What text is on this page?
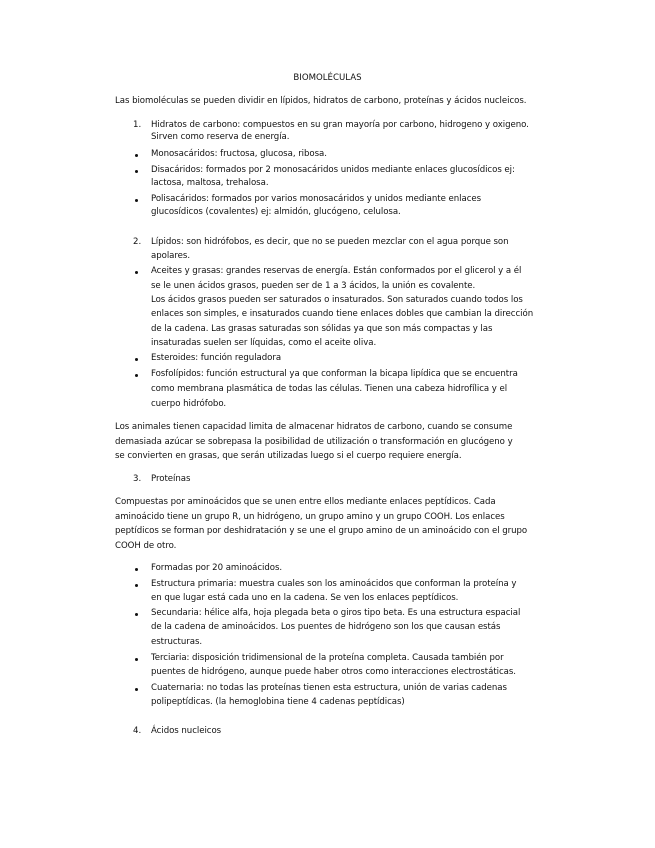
BIOMOLÉCULAS
Las biomoléculas se pueden dividir en lípidos, hidratos de carbono, proteínas y ácidos nucleicos.
1. Hidratos de carbono: compuestos en su gran mayoría por carbono, hidrogeno y oxigeno.
Sirven como reserva de energía.
Monosacáridos: fructosa, glucosa, ribosa.
Disacáridos: formados por 2 monosacáridos unidos mediante enlaces glucosídicos ej:
lactosa, maltosa, trehalosa.
Polisacáridos: formados por varios monosacáridos y unidos mediante enlaces
glucosídicos (covalentes) ej: almidón, glucógeno, celulosa.
2. Lípidos: son hidrófobos, es decir, que no se pueden mezclar con el agua porque son
apolares.
Aceites y grasas: grandes reservas de energía. Están conformados por el glicerol y a él
se le unen ácidos grasos, pueden ser de 1 a 3 ácidos, la unión es covalente.
Los ácidos grasos pueden ser saturados o insaturados. Son saturados cuando todos los
enlaces son simples, e insaturados cuando tiene enlaces dobles que cambian la dirección
de la cadena. Las grasas saturadas son sólidas ya que son más compactas y las
insaturadas suelen ser líquidas, como el aceite oliva.
Esteroides: función reguladora
Fosfolípidos: función estructural ya que conforman la bicapa lipídica que se encuentra
como membrana plasmática de todas las células. Tienen una cabeza hidrofílica y el
cuerpo hidrófobo.
Los animales tienen capacidad limita de almacenar hidratos de carbono, cuando se consume
demasiada azúcar se sobrepasa la posibilidad de utilización o transformación en glucógeno y
se convierten en grasas, que serán utilizadas luego si el cuerpo requiere energía.
3. Proteínas
Compuestas por aminoácidos que se unen entre ellos mediante enlaces peptídicos. Cada
aminoácido tiene un grupo R, un hidrógeno, un grupo amino y un grupo COOH. Los enlaces
peptídicos se forman por deshidratación y se une el grupo amino de un aminoácido con el grupo
COOH de otro.
Formadas por 20 aminoácidos.
Estructura primaria: muestra cuales son los aminoácidos que conforman la proteína y
en que lugar está cada uno en la cadena. Se ven los enlaces peptídicos.
Secundaria: hélice alfa, hoja plegada beta o giros tipo beta. Es una estructura espacial
de la cadena de aminoácidos. Los puentes de hidrógeno son los que causan estás
estructuras.
Terciaria: disposición tridimensional de la proteína completa. Causada también por
puentes de hidrógeno, aunque puede haber otros como interacciones electrostáticas.
Cuaternaria: no todas las proteínas tienen esta estructura, unión de varias cadenas
polipeptídicas. (la hemoglobina tiene 4 cadenas peptídicas)
4. Ácidos nucleicos
